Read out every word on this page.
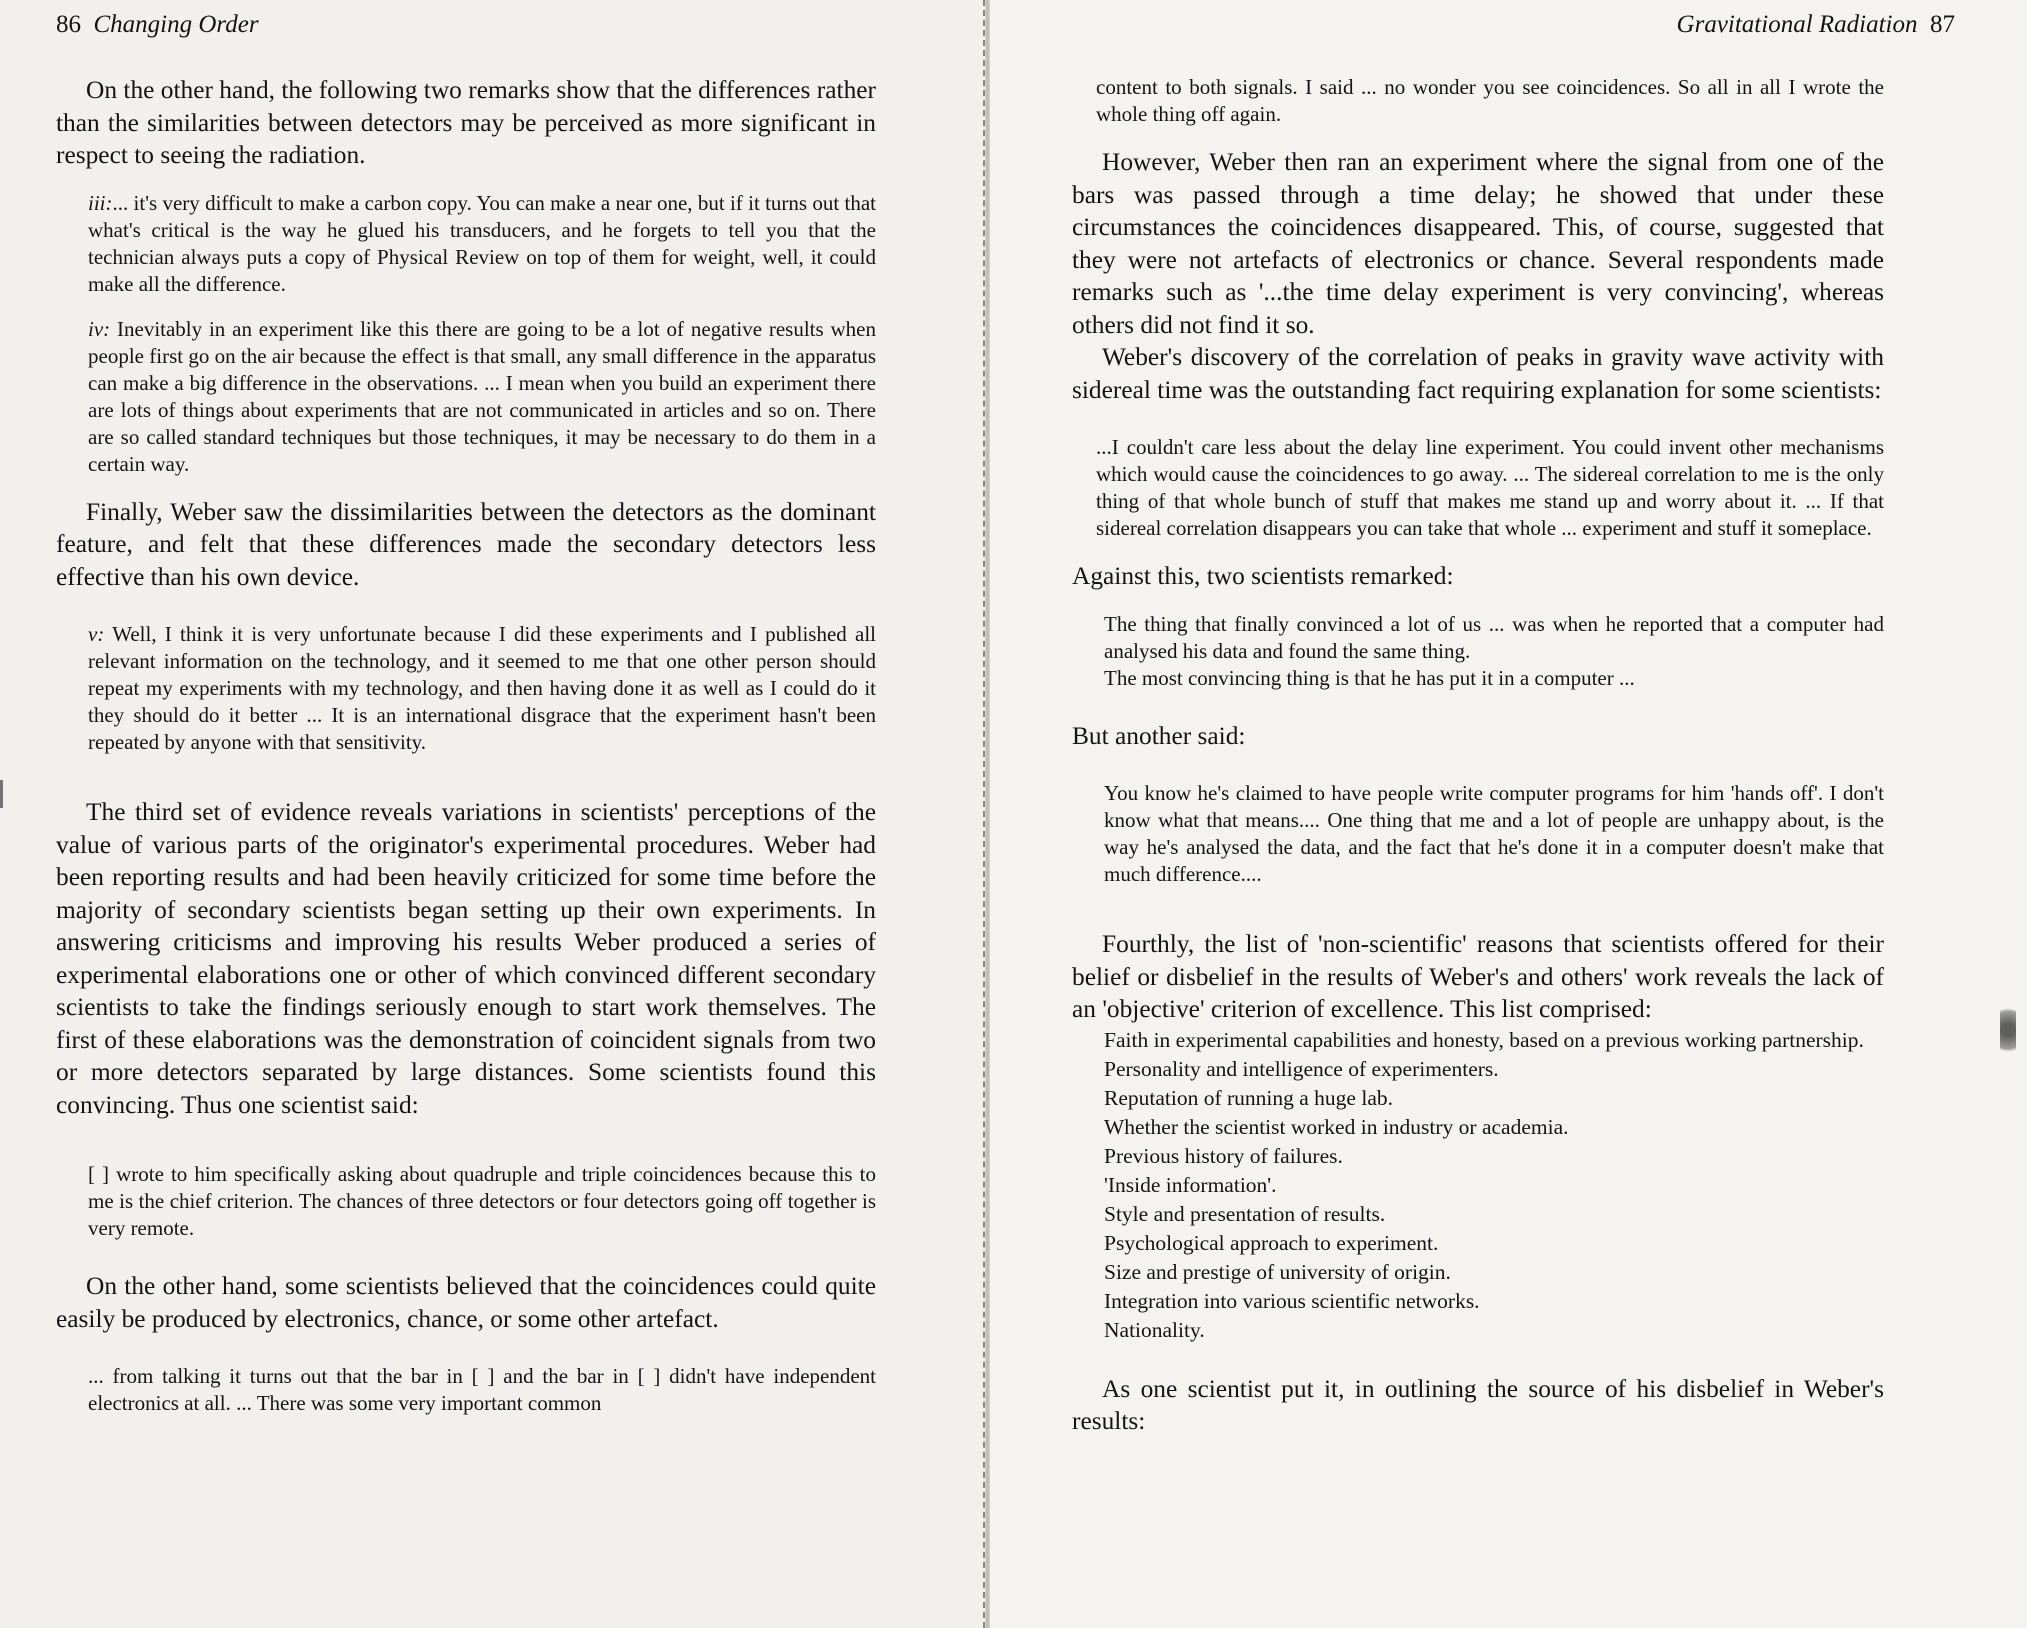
86 Changing Order

On the other hand, the following two remarks show that the differences rather than the similarities between detectors may be perceived as more significant in respect to seeing the radiation.

iii:... it's very difficult to make a carbon copy. You can make a near one, but if it turns out that what's critical is the way he glued his transducers, and he forgets to tell you that the technician always puts a copy of Physical Review on top of them for weight, well, it could make all the difference.

iv: Inevitably in an experiment like this there are going to be a lot of negative results when people first go on the air because the effect is that small, any small difference in the apparatus can make a big difference in the observations. ... I mean when you build an experiment there are lots of things about experiments that are not communicated in articles and so on. There are so called standard techniques but those techniques, it may be necessary to do them in a certain way.

Finally, Weber saw the dissimilarities between the detectors as the dominant feature, and felt that these differences made the secondary detectors less effective than his own device.

v: Well, I think it is very unfortunate because I did these experiments and I published all relevant information on the technology, and it seemed to me that one other person should repeat my experiments with my technology, and then having done it as well as I could do it they should do it better ... It is an international disgrace that the experiment hasn't been repeated by anyone with that sensitivity.

The third set of evidence reveals variations in scientists' perceptions of the value of various parts of the originator's experimental procedures. Weber had been reporting results and had been heavily criticized for some time before the majority of secondary scientists began setting up their own experiments. In answering criticisms and improving his results Weber produced a series of experimental elaborations one or other of which convinced different secondary scientists to take the findings seriously enough to start work themselves. The first of these elaborations was the demonstration of coincident signals from two or more detectors separated by large distances. Some scientists found this convincing. Thus one scientist said:

[ ] wrote to him specifically asking about quadruple and triple coincidences because this to me is the chief criterion. The chances of three detectors or four detectors going off together is very remote.

On the other hand, some scientists believed that the coincidences could quite easily be produced by electronics, chance, or some other artefact.

... from talking it turns out that the bar in [ ] and the bar in [ ] didn't have independent electronics at all. ... There was some very important common

Gravitational Radiation 87

content to both signals. I said ... no wonder you see coincidences. So all in all I wrote the whole thing off again.

However, Weber then ran an experiment where the signal from one of the bars was passed through a time delay; he showed that under these circumstances the coincidences disappeared. This, of course, suggested that they were not artefacts of electronics or chance. Several respondents made remarks such as '...the time delay experiment is very convincing', whereas others did not find it so.

Weber's discovery of the correlation of peaks in gravity wave activity with sidereal time was the outstanding fact requiring explanation for some scientists:

...I couldn't care less about the delay line experiment. You could invent other mechanisms which would cause the coincidences to go away. ... The sidereal correlation to me is the only thing of that whole bunch of stuff that makes me stand up and worry about it. ... If that sidereal correlation disappears you can take that whole ... experiment and stuff it someplace.

Against this, two scientists remarked:

The thing that finally convinced a lot of us ... was when he reported that a computer had analysed his data and found the same thing.

The most convincing thing is that he has put it in a computer ...

But another said:

You know he's claimed to have people write computer programs for him 'hands off'. I don't know what that means.... One thing that me and a lot of people are unhappy about, is the way he's analysed the data, and the fact that he's done it in a computer doesn't make that much difference....

Fourthly, the list of 'non-scientific' reasons that scientists offered for their belief or disbelief in the results of Weber's and others' work reveals the lack of an 'objective' criterion of excellence. This list comprised:

Faith in experimental capabilities and honesty, based on a previous working partnership.
Personality and intelligence of experimenters.
Reputation of running a huge lab.
Whether the scientist worked in industry or academia.
Previous history of failures.
'Inside information'.
Style and presentation of results.
Psychological approach to experiment.
Size and prestige of university of origin.
Integration into various scientific networks.
Nationality.

As one scientist put it, in outlining the source of his disbelief in Weber's results:
